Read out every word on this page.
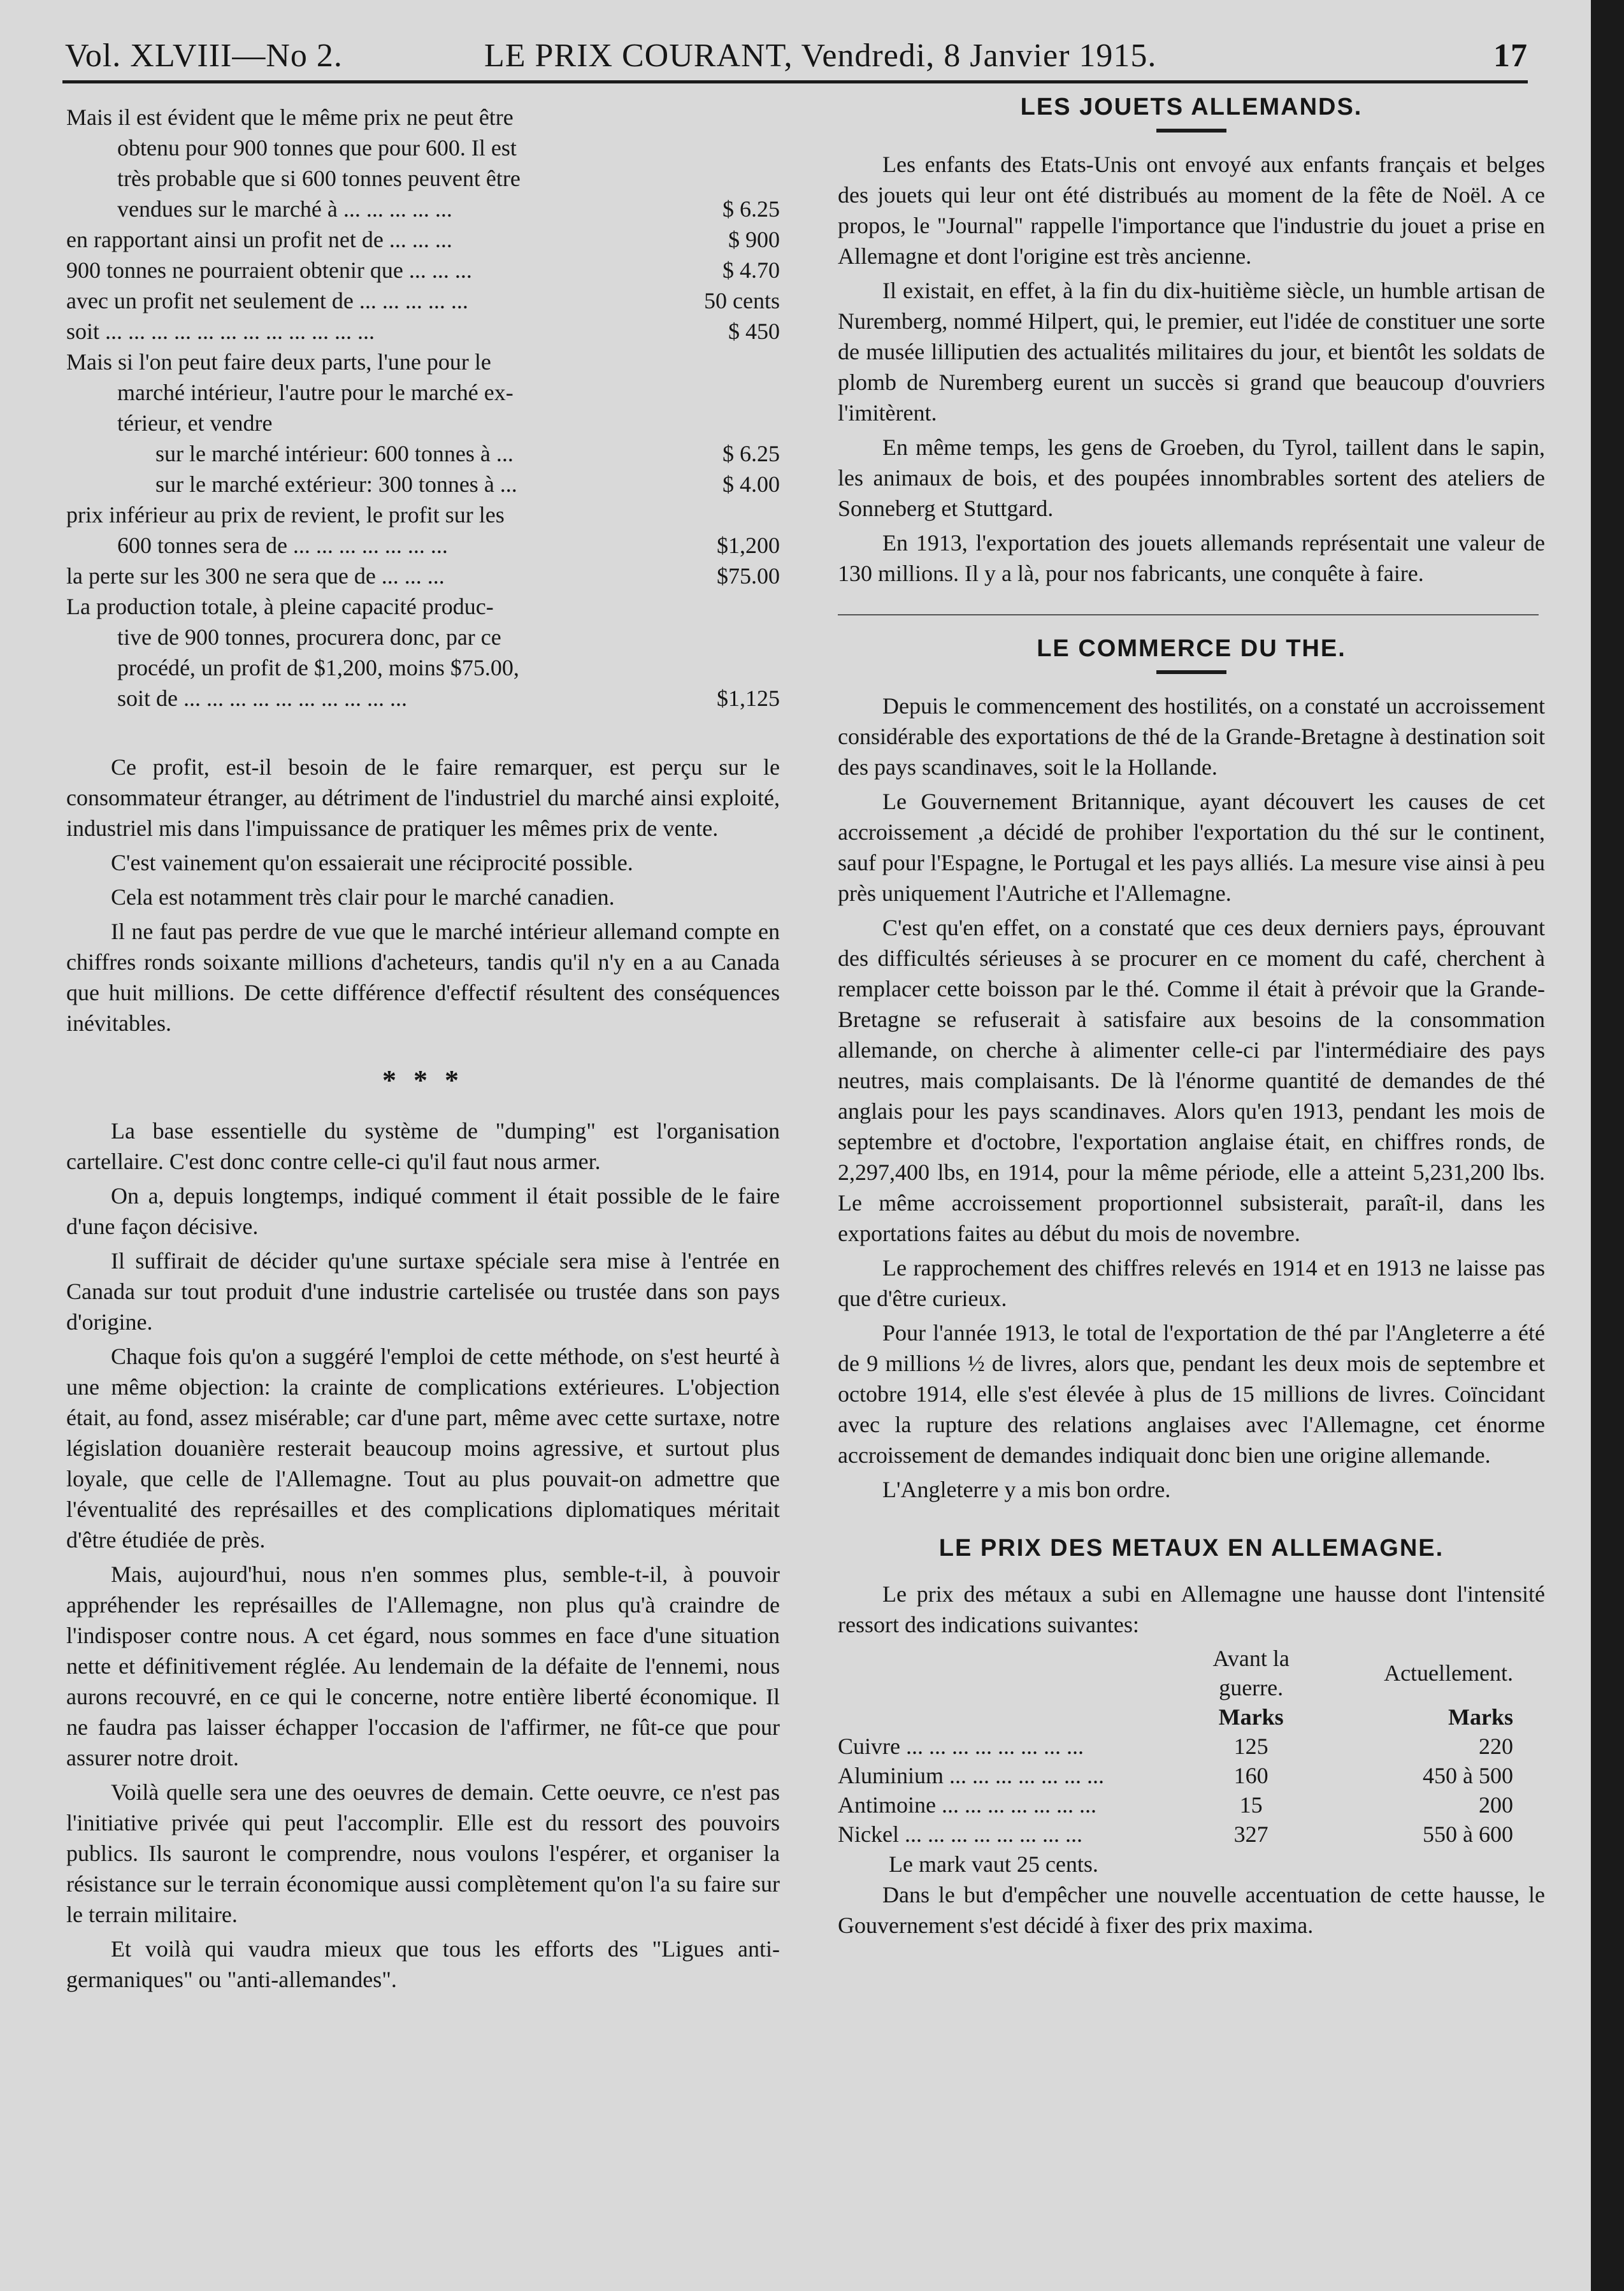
Vol. XLVIII—No 2.	LE PRIX COURANT, Vendredi, 8 Janvier 1915.	17
Mais il est évident que le même prix ne peut être
obtenu pour 900 tonnes que pour 600. Il est
très probable que si 600 tonnes peuvent être
vendues sur le marché à ... ... ... ... ...	$ 6.25
en rapportant ainsi un profit net de ... ... ...	$ 900
900 tonnes ne pourraient obtenir que ... ... ...	$ 4.70
avec un profit net seulement de ... ... ... ... ...	50 cents
soit ... ... ... ... ... ... ... ... ... ... ... ...	$ 450
Mais si l'on peut faire deux parts, l'une pour le
marché intérieur, l'autre pour le marché ex-
térieur, et vendre
sur le marché intérieur: 600 tonnes à ...	$ 6.25
sur le marché extérieur: 300 tonnes à ...	$ 4.00
prix inférieur au prix de revient, le profit sur les
600 tonnes sera de ... ... ... ... ... ... ...	$1,200
la perte sur les 300 ne sera que de ... ... ...	$75.00
La production totale, à pleine capacité produc-
tive de 900 tonnes, procurera donc, par ce
procédé, un profit de $1,200, moins $75.00,
soit de ... ... ... ... ... ... ... ... ... ...	$1,125

Ce profit, est-il besoin de le faire remarquer, est perçu sur le consommateur étranger, au détriment de l'industriel du marché ainsi exploité, industriel mis dans l'impuissance de pratiquer les mêmes prix de vente.

C'est vainement qu'on essaierait une réciprocité possible.

Cela est notamment très clair pour le marché canadien.

Il ne faut pas perdre de vue que le marché intérieur allemand compte en chiffres ronds soixante millions d'acheteurs, tandis qu'il n'y en a au Canada que huit millions. De cette différence d'effectif résultent des conséquences inévitables.

* * *

La base essentielle du système de "dumping" est l'organisation cartellaire. C'est donc contre celle-ci qu'il faut nous armer.

On a, depuis longtemps, indiqué comment il était possible de le faire d'une façon décisive.

Il suffirait de décider qu'une surtaxe spéciale sera mise à l'entrée en Canada sur tout produit d'une industrie cartelisée ou trustée dans son pays d'origine.

Chaque fois qu'on a suggéré l'emploi de cette méthode, on s'est heurté à une même objection: la crainte de complications extérieures. L'objection était, au fond, assez misérable; car d'une part, même avec cette surtaxe, notre législation douanière resterait beaucoup moins agressive, et surtout plus loyale, que celle de l'Allemagne. Tout au plus pouvait-on admettre que l'éventualité des représailles et des complications diplomatiques méritait d'être étudiée de près.

Mais, aujourd'hui, nous n'en sommes plus, semble-t-il, à pouvoir appréhender les représailles de l'Allemagne, non plus qu'à craindre de l'indisposer contre nous. A cet égard, nous sommes en face d'une situation nette et définitivement réglée. Au lendemain de la défaite de l'ennemi, nous aurons recouvré, en ce qui le concerne, notre entière liberté économique. Il ne faudra pas laisser échapper l'occasion de l'affirmer, ne fût-ce que pour assurer notre droit.

Voilà quelle sera une des oeuvres de demain. Cette oeuvre, ce n'est pas l'initiative privée qui peut l'accomplir. Elle est du ressort des pouvoirs publics. Ils sauront le comprendre, nous voulons l'espérer, et organiser la résistance sur le terrain économique aussi complètement qu'on l'a su faire sur le terrain militaire.

Et voilà qui vaudra mieux que tous les efforts des "Ligues anti-germaniques" ou "anti-allemandes".

LES JOUETS ALLEMANDS.

Les enfants des Etats-Unis ont envoyé aux enfants français et belges des jouets qui leur ont été distribués au moment de la fête de Noël. A ce propos, le "Journal" rappelle l'importance que l'industrie du jouet a prise en Allemagne et dont l'origine est très ancienne.

Il existait, en effet, à la fin du dix-huitième siècle, un humble artisan de Nuremberg, nommé Hilpert, qui, le premier, eut l'idée de constituer une sorte de musée lilliputien des actualités militaires du jour, et bientôt les soldats de plomb de Nuremberg eurent un succès si grand que beaucoup d'ouvriers l'imitèrent.

En même temps, les gens de Groeben, du Tyrol, taillent dans le sapin, les animaux de bois, et des poupées innombrables sortent des ateliers de Sonneberg et Stuttgard.

En 1913, l'exportation des jouets allemands représentait une valeur de 130 millions. Il y a là, pour nos fabricants, une conquête à faire.

LE COMMERCE DU THE.

Depuis le commencement des hostilités, on a constaté un accroissement considérable des exportations de thé de la Grande-Bretagne à destination soit des pays scandinaves, soit le la Hollande.

Le Gouvernement Britannique, ayant découvert les causes de cet accroissement ,a décidé de prohiber l'exportation du thé sur le continent, sauf pour l'Espagne, le Portugal et les pays alliés. La mesure vise ainsi à peu près uniquement l'Autriche et l'Allemagne.

C'est qu'en effet, on a constaté que ces deux derniers pays, éprouvant des difficultés sérieuses à se procurer en ce moment du café, cherchent à remplacer cette boisson par le thé. Comme il était à prévoir que la Grande-Bretagne se refuserait à satisfaire aux besoins de la consommation allemande, on cherche à alimenter celle-ci par l'intermédiaire des pays neutres, mais complaisants. De là l'énorme quantité de demandes de thé anglais pour les pays scandinaves. Alors qu'en 1913, pendant les mois de septembre et d'octobre, l'exportation anglaise était, en chiffres ronds, de 2,297,400 lbs, en 1914, pour la même période, elle a atteint 5,231,200 lbs. Le même accroissement proportionnel subsisterait, paraît-il, dans les exportations faites au début du mois de novembre.

Le rapprochement des chiffres relevés en 1914 et en 1913 ne laisse pas que d'être curieux.

Pour l'année 1913, le total de l'exportation de thé par l'Angleterre a été de 9 millions ½ de livres, alors que, pendant les deux mois de septembre et octobre 1914, elle s'est élevée à plus de 15 millions de livres. Coïncidant avec la rupture des relations anglaises avec l'Allemagne, cet énorme accroissement de demandes indiquait donc bien une origine allemande.

L'Angleterre y a mis bon ordre.

LE PRIX DES METAUX EN ALLEMAGNE.

Le prix des métaux a subi en Allemagne une hausse dont l'intensité ressort des indications suivantes:

	Avant la guerre.	Actuellement.
	Marks	Marks
Cuivre ... ... ... ... ... ... ... ...	125	220
Aluminium ... ... ... ... ... ... ...	160	450 à 500
Antimoine ... ... ... ... ... ... ...	15	200
Nickel ... ... ... ... ... ... ... ...	327	550 à 600

Le mark vaut 25 cents.

Dans le but d'empêcher une nouvelle accentuation de cette hausse, le Gouvernement s'est décidé à fixer des prix maxima.
